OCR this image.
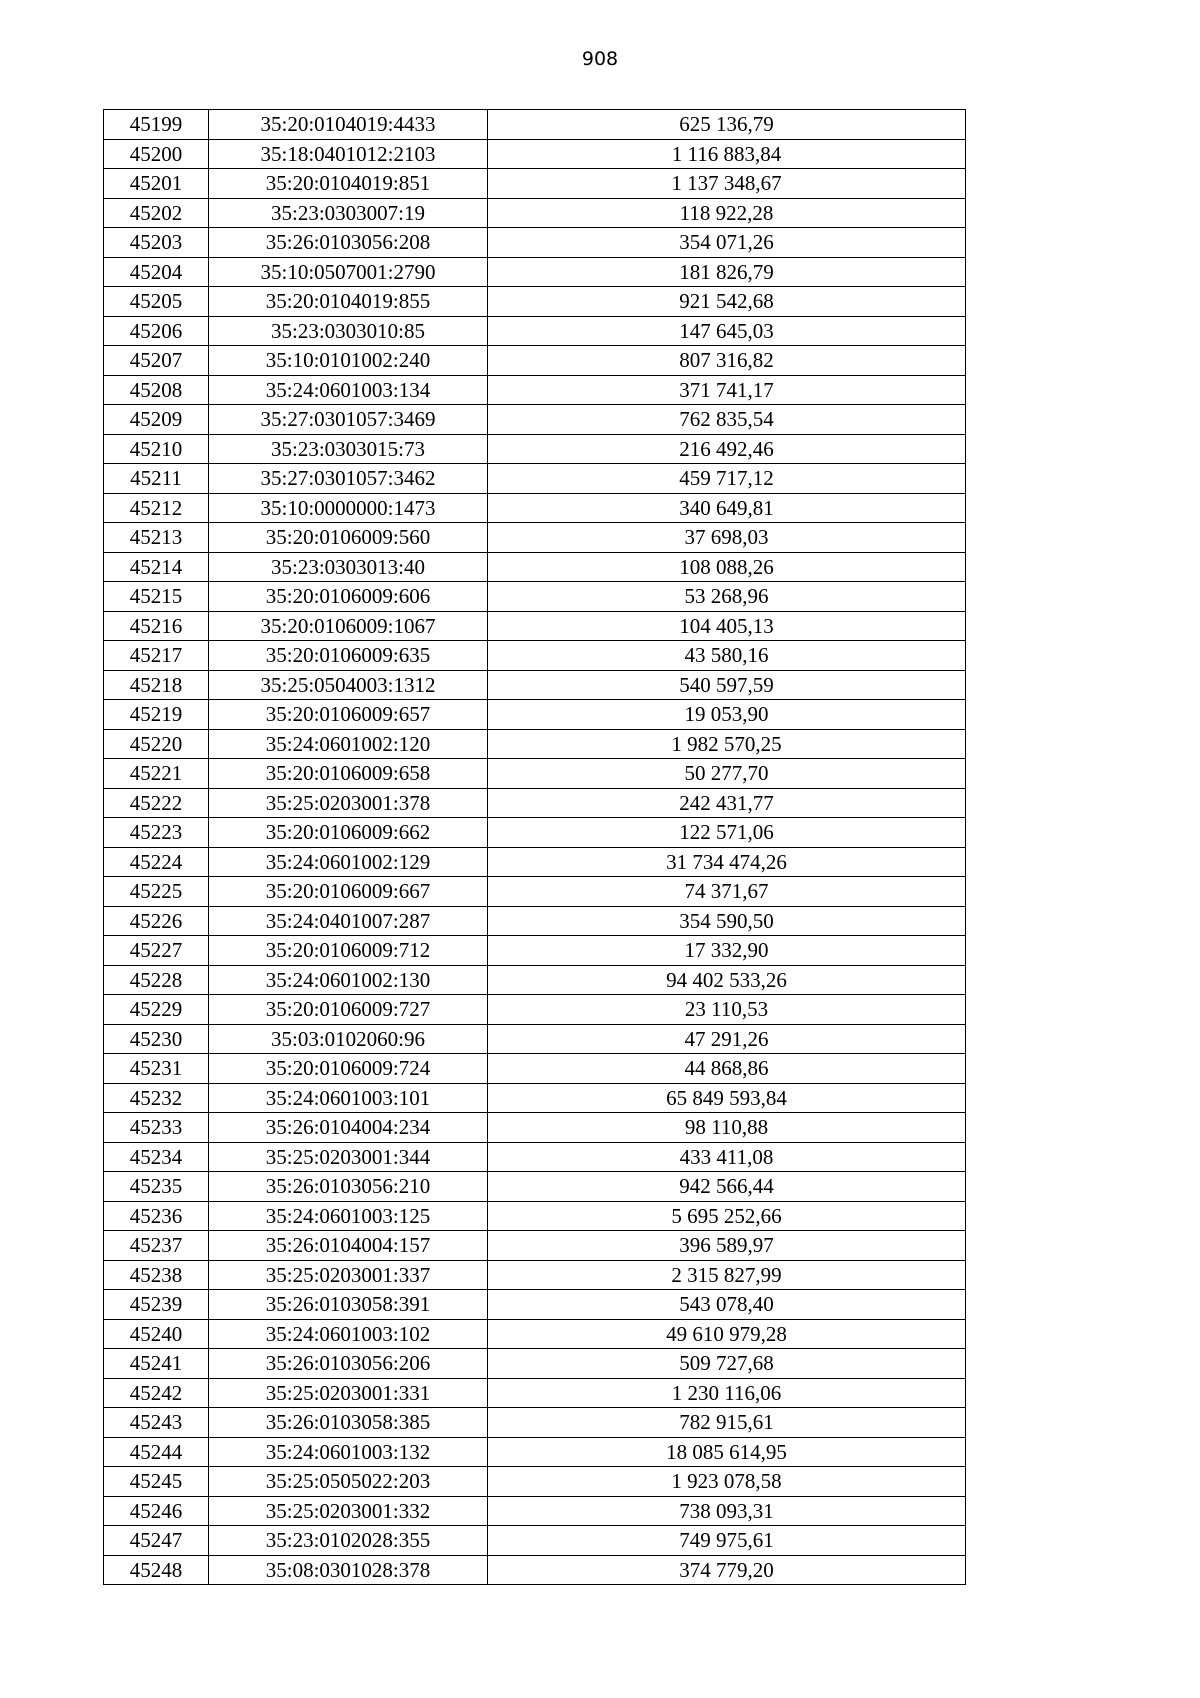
908
45199	35:20:0104019:4433	625 136,79
45200	35:18:0401012:2103	1 116 883,84
45201	35:20:0104019:851	1 137 348,67
45202	35:23:0303007:19	118 922,28
45203	35:26:0103056:208	354 071,26
45204	35:10:0507001:2790	181 826,79
45205	35:20:0104019:855	921 542,68
45206	35:23:0303010:85	147 645,03
45207	35:10:0101002:240	807 316,82
45208	35:24:0601003:134	371 741,17
45209	35:27:0301057:3469	762 835,54
45210	35:23:0303015:73	216 492,46
45211	35:27:0301057:3462	459 717,12
45212	35:10:0000000:1473	340 649,81
45213	35:20:0106009:560	37 698,03
45214	35:23:0303013:40	108 088,26
45215	35:20:0106009:606	53 268,96
45216	35:20:0106009:1067	104 405,13
45217	35:20:0106009:635	43 580,16
45218	35:25:0504003:1312	540 597,59
45219	35:20:0106009:657	19 053,90
45220	35:24:0601002:120	1 982 570,25
45221	35:20:0106009:658	50 277,70
45222	35:25:0203001:378	242 431,77
45223	35:20:0106009:662	122 571,06
45224	35:24:0601002:129	31 734 474,26
45225	35:20:0106009:667	74 371,67
45226	35:24:0401007:287	354 590,50
45227	35:20:0106009:712	17 332,90
45228	35:24:0601002:130	94 402 533,26
45229	35:20:0106009:727	23 110,53
45230	35:03:0102060:96	47 291,26
45231	35:20:0106009:724	44 868,86
45232	35:24:0601003:101	65 849 593,84
45233	35:26:0104004:234	98 110,88
45234	35:25:0203001:344	433 411,08
45235	35:26:0103056:210	942 566,44
45236	35:24:0601003:125	5 695 252,66
45237	35:26:0104004:157	396 589,97
45238	35:25:0203001:337	2 315 827,99
45239	35:26:0103058:391	543 078,40
45240	35:24:0601003:102	49 610 979,28
45241	35:26:0103056:206	509 727,68
45242	35:25:0203001:331	1 230 116,06
45243	35:26:0103058:385	782 915,61
45244	35:24:0601003:132	18 085 614,95
45245	35:25:0505022:203	1 923 078,58
45246	35:25:0203001:332	738 093,31
45247	35:23:0102028:355	749 975,61
45248	35:08:0301028:378	374 779,20
